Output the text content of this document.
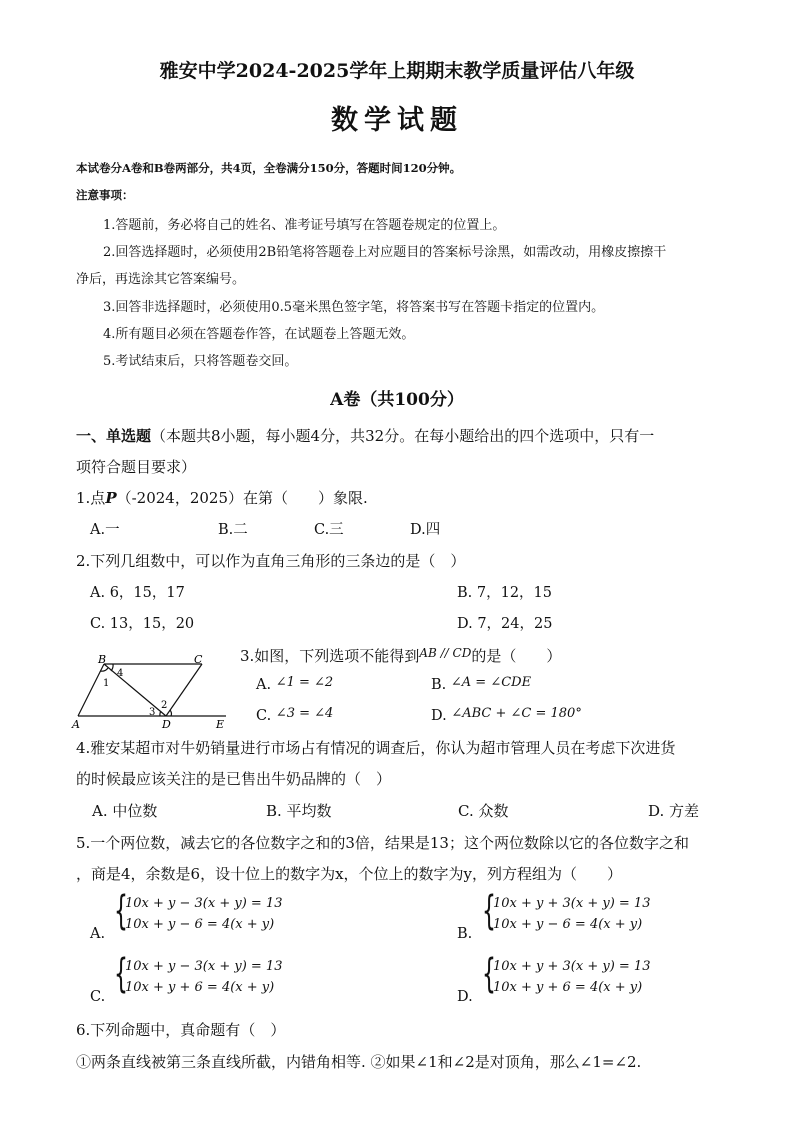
雅安中学2024-2025学年上期期末教学质量评估八年级
数学试题
本试卷分A卷和B卷两部分，共4页，全卷满分150分，答题时间120分钟。
注意事项：
1.答题前，务必将自己的姓名、准考证号填写在答题卷规定的位置上。
2.回答选择题时，必须使用2B铅笔将答题卷上对应题目的答案标号涂黑，如需改动，用橡皮擦擦干
净后，再选涂其它答案编号。
3.回答非选择题时，必须使用0.5毫米黑色签字笔，将答案书写在答题卡指定的位置内。
4.所有题目必须在答题卷作答，在试题卷上答题无效。
5.考试结束后，只将答题卷交回。
A卷（共100分）
一、单选题（本题共8小题，每小题4分，共32分。在每小题给出的四个选项中，只有一
项符合题目要求）
1.点P（-2024，2025）在第（　　）象限.
A.一	B.二	C.三	D.四
2.下列几组数中，可以作为直角三角形的三条边的是（　）
A. 6，15，17	B. 7，12，15
C. 13，15，20	D. 7，24，25
B	C
A	D	E
1
2
3
4
3.如图，下列选项不能得到$^{AB // CD}$的是（　　）
A. ∠1 = ∠2	B. ∠A = ∠CDE
C. ∠3 = ∠4	D. ∠ABC + ∠C = 180°
4.雅安某超市对牛奶销量进行市场占有情况的调查后，你认为超市管理人员在考虑下次进货
的时候最应该关注的是已售出牛奶品牌的（　）
A. 中位数	B. 平均数	C. 众数	D. 方差
5.一个两位数，减去它的各位数字之和的3倍，结果是13；这个两位数除以它的各位数字之和
，商是4，余数是6，设十位上的数字为x，个位上的数字为y，列方程组为（　　）
A. {
10x + y − 3(x + y) = 13
10x + y − 6 = 4(x + y)
B. {
10x + y + 3(x + y) = 13
10x + y − 6 = 4(x + y)
C. {
10x + y − 3(x + y) = 13
10x + y + 6 = 4(x + y)
D. {
10x + y + 3(x + y) = 13
10x + y + 6 = 4(x + y)
6.下列命题中，真命题有（　）
①两条直线被第三条直线所截，内错角相等. ②如果∠1和∠2是对顶角，那么∠1=∠2.
